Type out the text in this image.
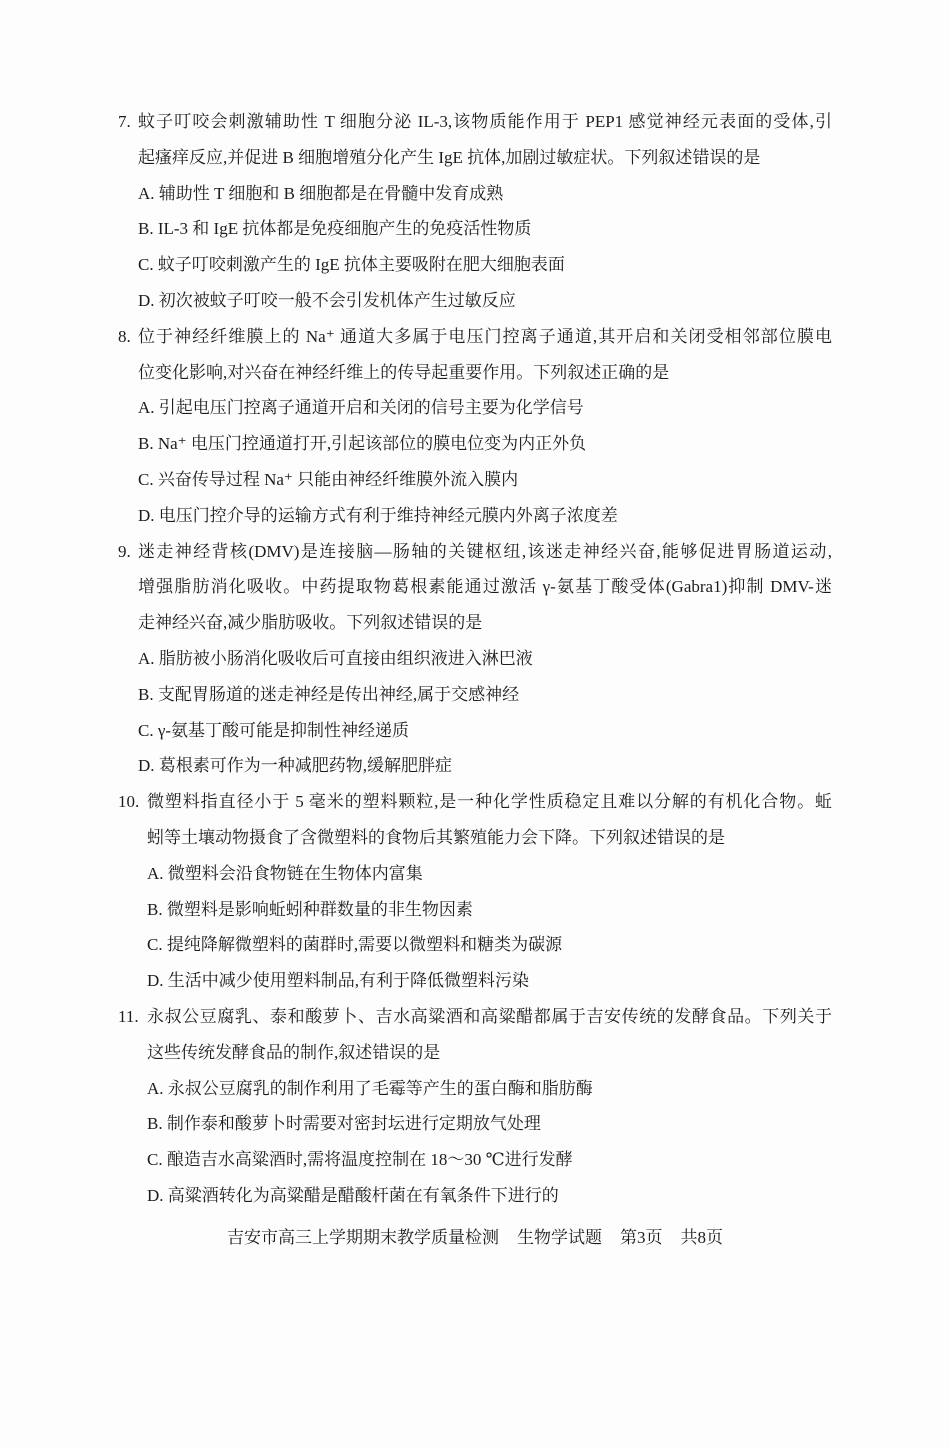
7. 蚊子叮咬会刺激辅助性 T 细胞分泌 IL-3,该物质能作用于 PEP1 感觉神经元表面的受体,引
起瘙痒反应,并促进 B 细胞增殖分化产生 IgE 抗体,加剧过敏症状。下列叙述错误的是
A. 辅助性 T 细胞和 B 细胞都是在骨髓中发育成熟
B. IL-3 和 IgE 抗体都是免疫细胞产生的免疫活性物质
C. 蚊子叮咬刺激产生的 IgE 抗体主要吸附在肥大细胞表面
D. 初次被蚊子叮咬一般不会引发机体产生过敏反应
8. 位于神经纤维膜上的 Na⁺ 通道大多属于电压门控离子通道,其开启和关闭受相邻部位膜电
位变化影响,对兴奋在神经纤维上的传导起重要作用。下列叙述正确的是
A. 引起电压门控离子通道开启和关闭的信号主要为化学信号
B. Na⁺ 电压门控通道打开,引起该部位的膜电位变为内正外负
C. 兴奋传导过程 Na⁺ 只能由神经纤维膜外流入膜内
D. 电压门控介导的运输方式有利于维持神经元膜内外离子浓度差
9. 迷走神经背核(DMV)是连接脑—肠轴的关键枢纽,该迷走神经兴奋,能够促进胃肠道运动,
增强脂肪消化吸收。中药提取物葛根素能通过激活 γ-氨基丁酸受体(Gabra1)抑制 DMV-迷
走神经兴奋,减少脂肪吸收。下列叙述错误的是
A. 脂肪被小肠消化吸收后可直接由组织液进入淋巴液
B. 支配胃肠道的迷走神经是传出神经,属于交感神经
C. γ-氨基丁酸可能是抑制性神经递质
D. 葛根素可作为一种减肥药物,缓解肥胖症
10. 微塑料指直径小于 5 毫米的塑料颗粒,是一种化学性质稳定且难以分解的有机化合物。蚯
蚓等土壤动物摄食了含微塑料的食物后其繁殖能力会下降。下列叙述错误的是
A. 微塑料会沿食物链在生物体内富集
B. 微塑料是影响蚯蚓种群数量的非生物因素
C. 提纯降解微塑料的菌群时,需要以微塑料和糖类为碳源
D. 生活中减少使用塑料制品,有利于降低微塑料污染
11. 永叔公豆腐乳、泰和酸萝卜、吉水高粱酒和高粱醋都属于吉安传统的发酵食品。下列关于
这些传统发酵食品的制作,叙述错误的是
A. 永叔公豆腐乳的制作利用了毛霉等产生的蛋白酶和脂肪酶
B. 制作泰和酸萝卜时需要对密封坛进行定期放气处理
C. 酿造吉水高粱酒时,需将温度控制在 18～30 ℃进行发酵
D. 高粱酒转化为高粱醋是醋酸杆菌在有氧条件下进行的
吉安市高三上学期期末教学质量检测 生物学试题 第3页 共8页
